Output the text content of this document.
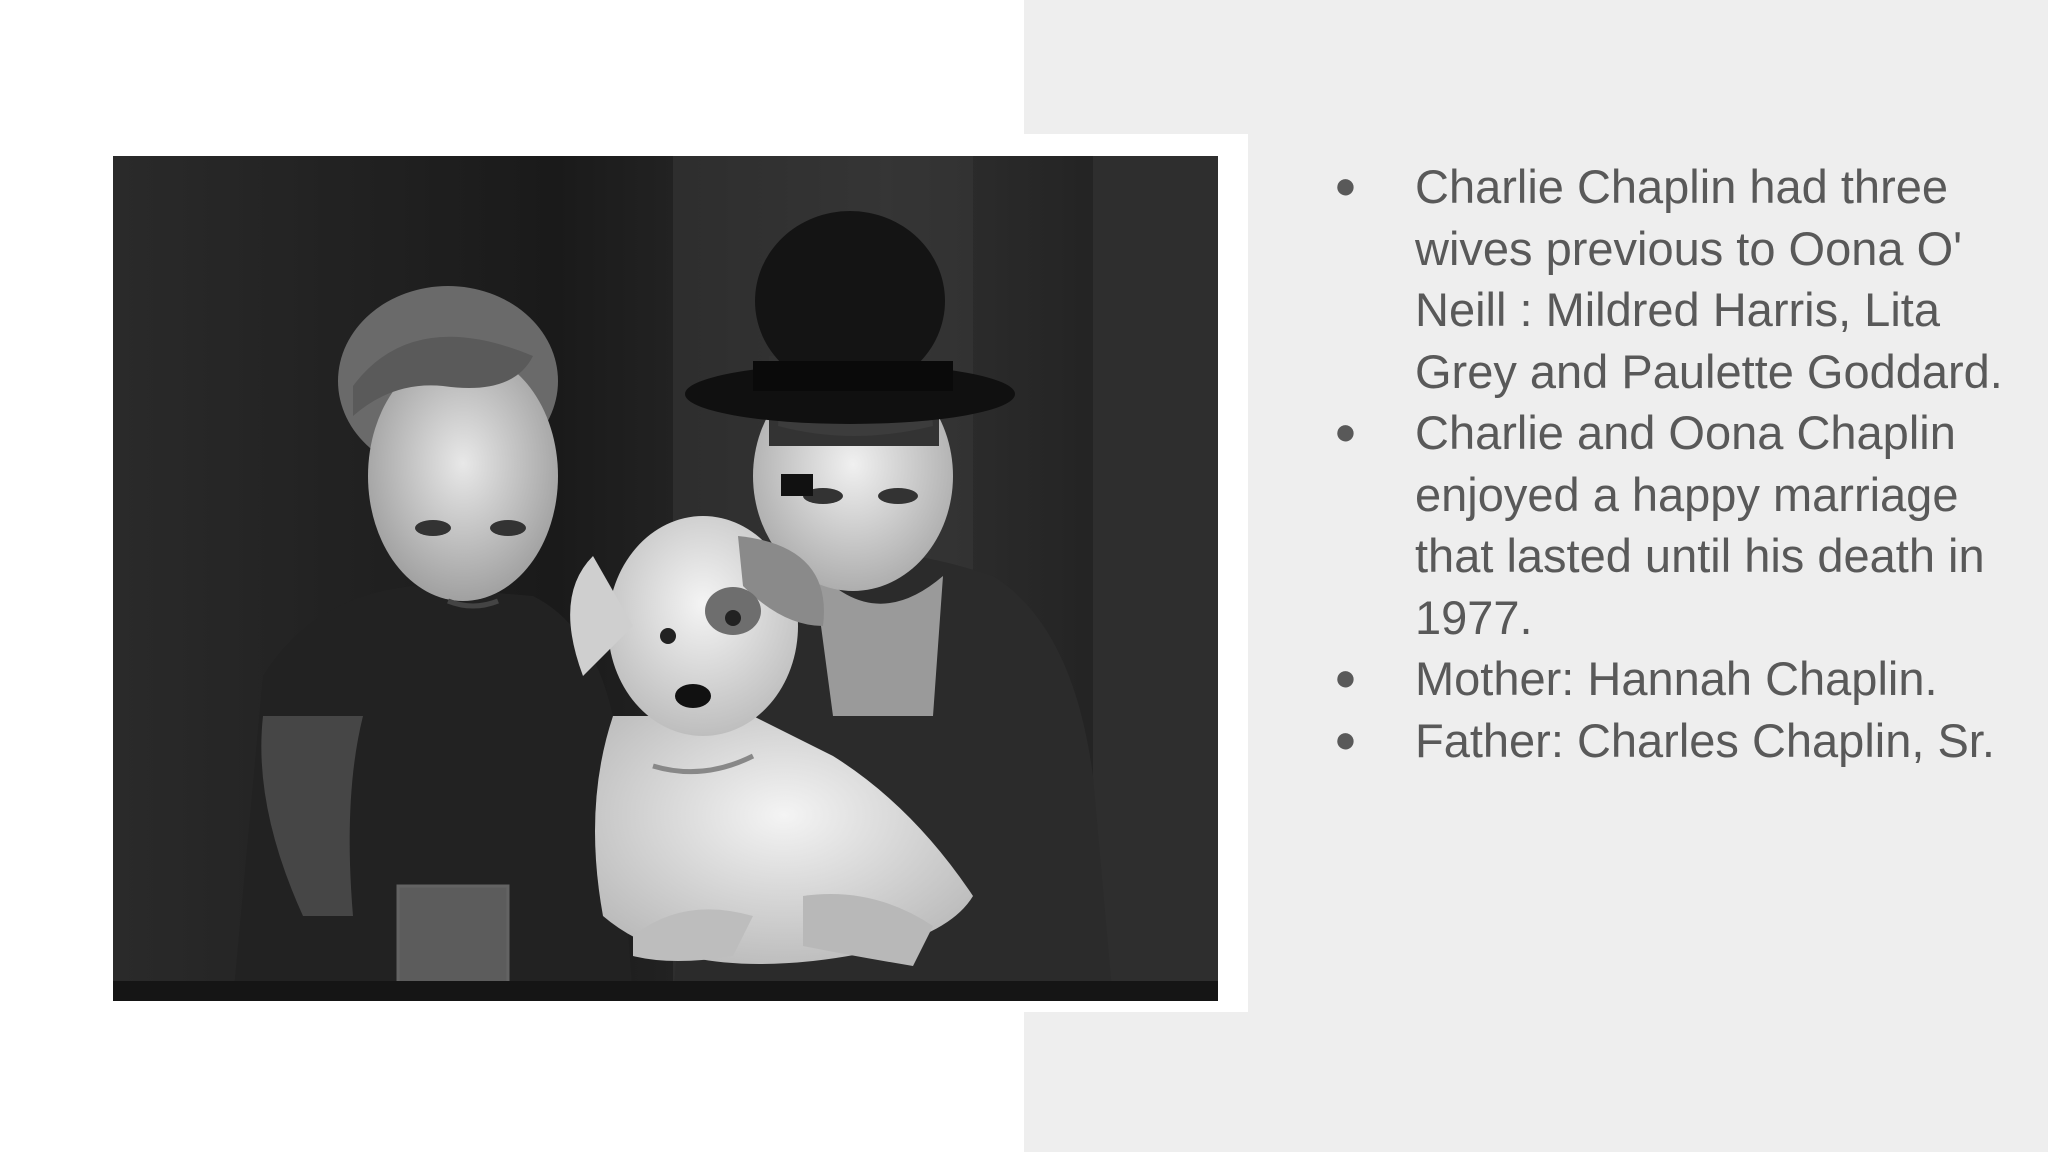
● Charlie Chaplin had three wives previous to Oona O' Neill : Mildred Harris, Lita Grey and Paulette Goddard.
● Charlie and Oona Chaplin enjoyed a happy marriage that lasted until his death in 1977.
● Mother: Hannah Chaplin.
● Father: Charles Chaplin, Sr.
